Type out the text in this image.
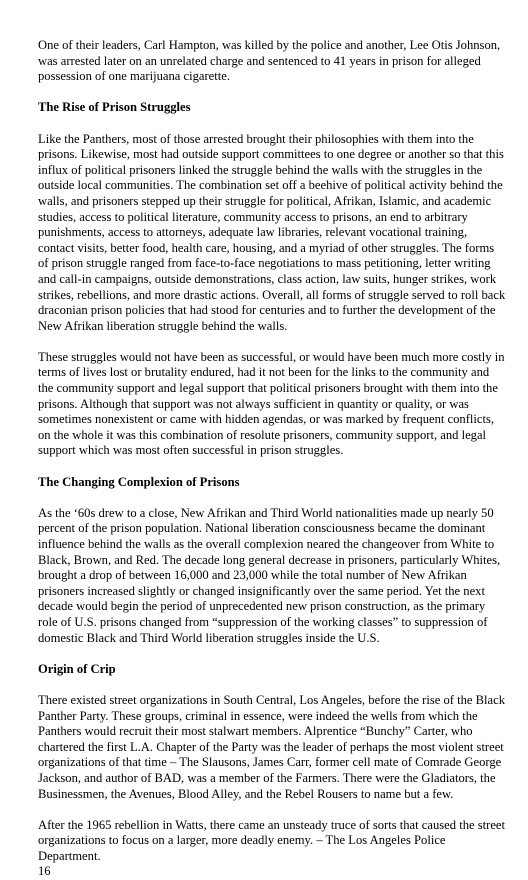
One of their leaders, Carl Hampton, was killed by the police and another, Lee Otis Johnson, was arrested later on an unrelated charge and sentenced to 41 years in prison for alleged possession of one marijuana cigarette.

The Rise of Prison Struggles

Like the Panthers, most of those arrested brought their philosophies with them into the prisons. Likewise, most had outside support committees to one degree or another so that this influx of political prisoners linked the struggle behind the walls with the struggles in the outside local communities. The combination set off a beehive of political activity behind the walls, and prisoners stepped up their struggle for political, Afrikan, Islamic, and academic studies, access to political literature, community access to prisons, an end to arbitrary punishments, access to attorneys, adequate law libraries, relevant vocational training, contact visits, better food, health care, housing, and a myriad of other struggles. The forms of prison struggle ranged from face-to-face negotiations to mass petitioning, letter writing and call-in campaigns, outside demonstrations, class action, law suits, hunger strikes, work strikes, rebellions, and more drastic actions. Overall, all forms of struggle served to roll back draconian prison policies that had stood for centuries and to further the development of the New Afrikan liberation struggle behind the walls.

These struggles would not have been as successful, or would have been much more costly in terms of lives lost or brutality endured, had it not been for the links to the community and the community support and legal support that political prisoners brought with them into the prisons. Although that support was not always sufficient in quantity or quality, or was sometimes nonexistent or came with hidden agendas, or was marked by frequent conflicts, on the whole it was this combination of resolute prisoners, community support, and legal support which was most often successful in prison struggles.

The Changing Complexion of Prisons

As the ‘60s drew to a close, New Afrikan and Third World nationalities made up nearly 50 percent of the prison population. National liberation consciousness became the dominant influence behind the walls as the overall complexion neared the changeover from White to Black, Brown, and Red. The decade long general decrease in prisoners, particularly Whites, brought a drop of between 16,000 and 23,000 while the total number of New Afrikan prisoners increased slightly or changed insignificantly over the same period. Yet the next decade would begin the period of unprecedented new prison construction, as the primary role of U.S. prisons changed from “suppression of the working classes” to suppression of domestic Black and Third World liberation struggles inside the U.S.

Origin of Crip

There existed street organizations in South Central, Los Angeles, before the rise of the Black Panther Party. These groups, criminal in essence, were indeed the wells from which the Panthers would recruit their most stalwart members. Alprentice “Bunchy” Carter, who chartered the first L.A. Chapter of the Party was the leader of perhaps the most violent street organizations of that time – The Slausons, James Carr, former cell mate of Comrade George Jackson, and author of BAD, was a member of the Farmers. There were the Gladiators, the Businessmen, the Avenues, Blood Alley, and the Rebel Rousers to name but a few.

After the 1965 rebellion in Watts, there came an unsteady truce of sorts that caused the street organizations to focus on a larger, more deadly enemy. – The Los Angeles Police Department.

16
